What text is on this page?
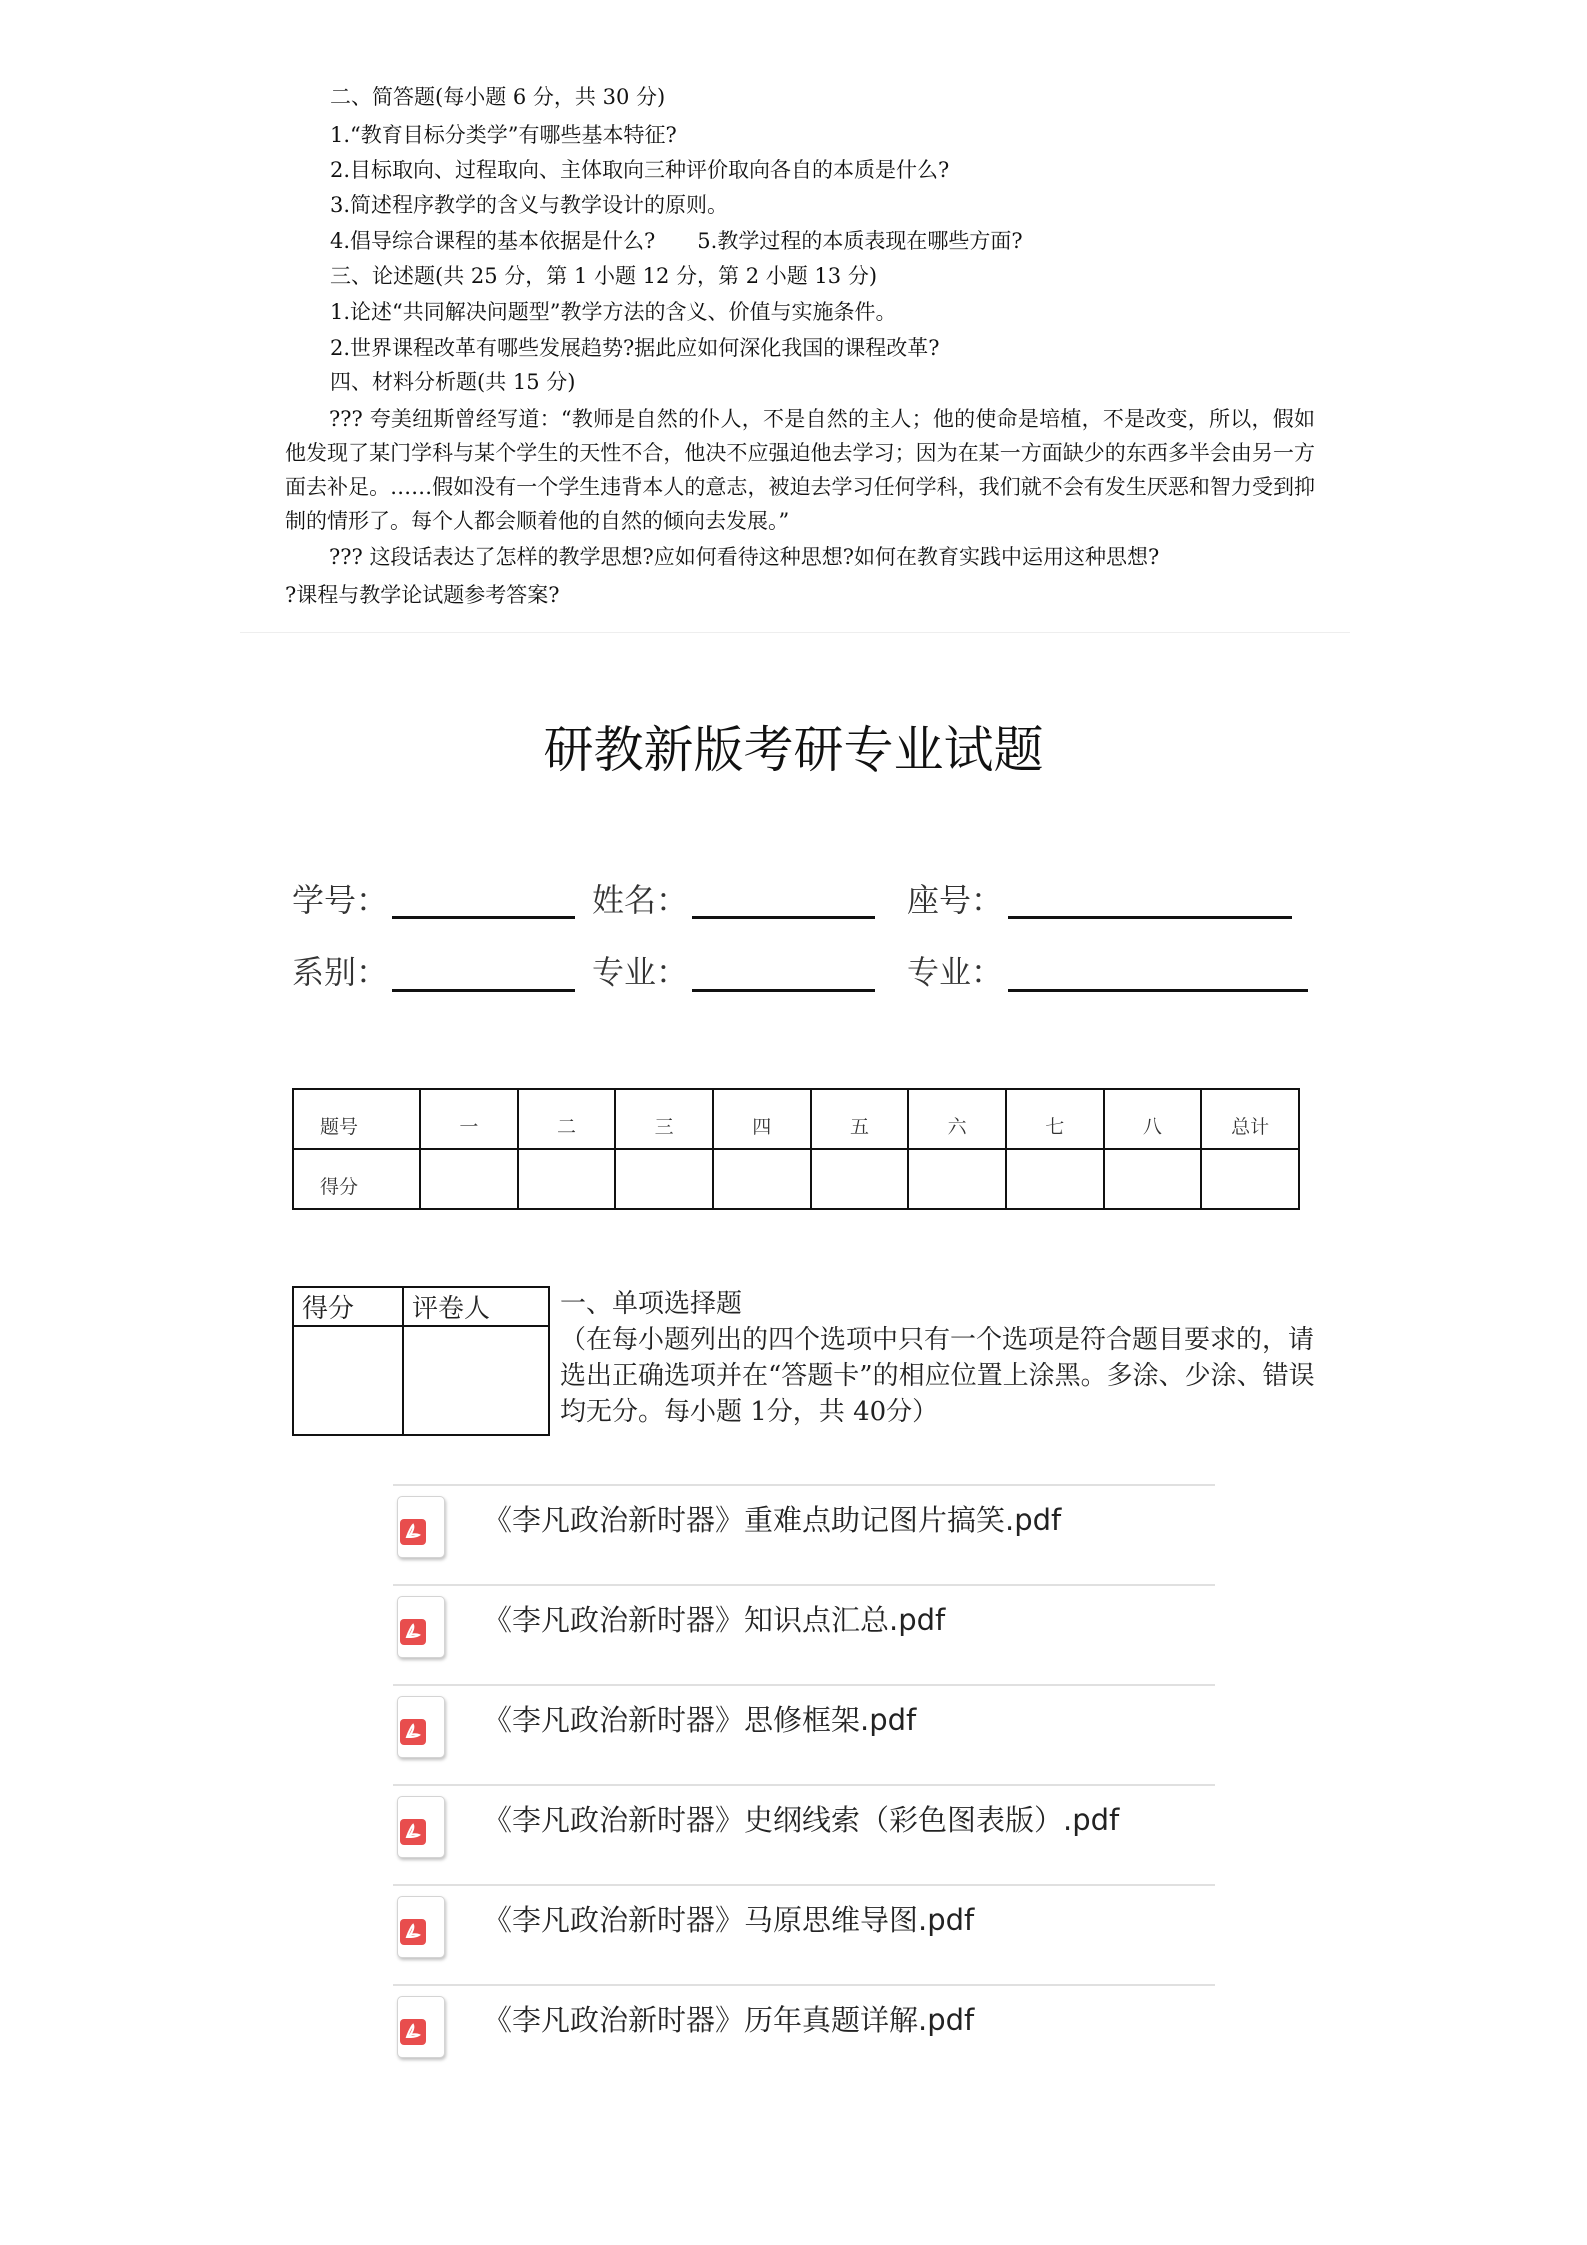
二、简答题(每小题 6 分，共 30 分)
1.“教育目标分类学”有哪些基本特征?
2.目标取向、过程取向、主体取向三种评价取向各自的本质是什么?
3.简述程序教学的含义与教学设计的原则。
4.倡导综合课程的基本依据是什么?　　5.教学过程的本质表现在哪些方面?
三、论述题(共 25 分，第 1 小题 12 分，第 2 小题 13 分)
1.论述“共同解决问题型”教学方法的含义、价值与实施条件。
2.世界课程改革有哪些发展趋势?据此应如何深化我国的课程改革?
四、材料分析题(共 15 分)
??? 夸美纽斯曾经写道：“教师是自然的仆人，不是自然的主人；他的使命是培植，不是改变，所以，假如他发现了某门学科与某个学生的天性不合，他决不应强迫他去学习；因为在某一方面缺少的东西多半会由另一方面去补足。……假如没有一个学生违背本人的意志，被迫去学习任何学科，我们就不会有发生厌恶和智力受到抑制的情形了。每个人都会顺着他的自然的倾向去发展。”
??? 这段话表达了怎样的教学思想?应如何看待这种思想?如何在教育实践中运用这种思想?
?课程与教学论试题参考答案?
研教新版考研专业试题
学号：	姓名：	座号：
系别：	专业：	专业：
题号	一	二	三	四	五	六	七	八	总计
得分									
得分	评卷人
		一、单项选择题
（在每小题列出的四个选项中只有一个选项是符合题目要求的，请选出正确选项并在“答题卡”的相应位置上涂黑。多涂、少涂、错误均无分。每小题 1分，共 40分）
《李凡政治新时器》重难点助记图片搞笑.pdf
《李凡政治新时器》知识点汇总.pdf
《李凡政治新时器》思修框架.pdf
《李凡政治新时器》史纲线索（彩色图表版）.pdf
《李凡政治新时器》马原思维导图.pdf
《李凡政治新时器》历年真题详解.pdf
